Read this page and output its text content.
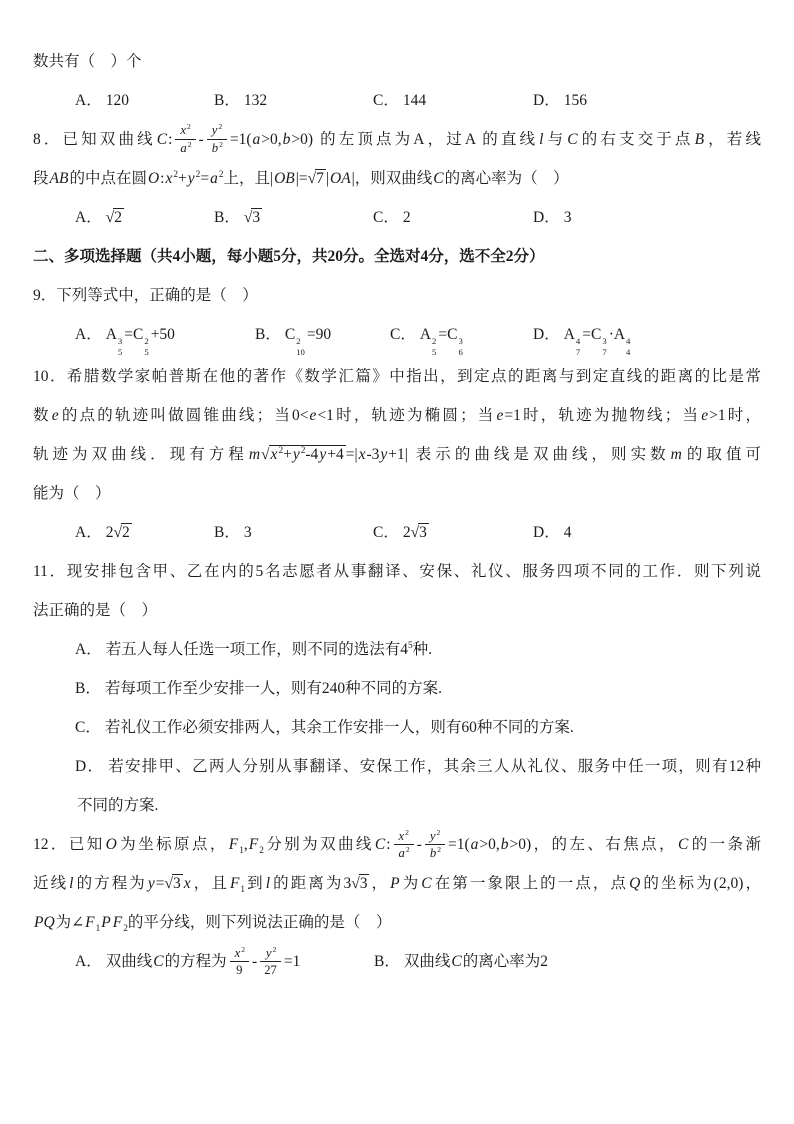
数共有（　）个
A． 120	B． 132	C． 144	D． 156
8．已知双曲线C: $\frac{x^2}{a^2} - \frac{y^2}{b^2} =1(a>0,b>0)$ 的左顶点为A，过A 的直线l与C的右支交于点B，若线
段AB的中点在圆$O:x^2+y^2=a^2$上，且|OB|=√7 |OA|，则双曲线C的离心率为（　）
A． √2	B． √3	C． 2	D． 3
二、多项选择题（共4小题，每小题5分，共20分。全选对4分，选不全2分）
9．下列等式中，正确的是（　）
A． A 3
5
=C 2
5
+50	B． C 2
10
=90	C． A 2
5
=C 3
6
D． A 4
7
=C 3
7
·A 4
4
10．希腊数学家帕普斯在他的著作《数学汇篇》中指出，到定点的距离与到定直线的距离的比是常
数e的点的轨迹叫做圆锥曲线；当0<e<1时，轨迹为椭圆；当e=1时，轨迹为抛物线；当e>1时，
轨迹为双曲线．现有方程$m√x^2+y^2-4y+4 =|x-3y+1|$ 表示的曲线是双曲线，则实数m的取值可
能为（　）
A． 2√2	B． 3	C． 2√3	D． 4
11．现安排包含甲、乙在内的5名志愿者从事翻译、安保、礼仪、服务四项不同的工作．则下列说
法正确的是（　）
A． 若五人每人任选一项工作，则不同的选法有$4^5$种.
B． 若每项工作至少安排一人，则有240种不同的方案.
C． 若礼仪工作必须安排两人，其余工作安排一人，则有60种不同的方案.
D． 若安排甲、乙两人分别从事翻译、安保工作，其余三人从礼仪、服务中任一项，则有12种
不同的方案.
12．已知O为坐标原点，$F_1,F_2$分别为双曲线C: $\frac{x^2}{a^2} - \frac{y^2}{b^2} =1(a>0,b>0)$，的左、右焦点，C的一条渐
近线l的方程为y=√3 x，且$F_1$到l的距离为3√3 ，P为C在第一象限上的一点，点Q的坐标为(2,0)，
PQ为$\angle F_1P$ $F_2$的平分线，则下列说法正确的是（　）
A． 双曲线C的方程为 $\frac{x^2}{9} - \frac{y^2}{27} =1$	B． 双曲线C的离心率为2
